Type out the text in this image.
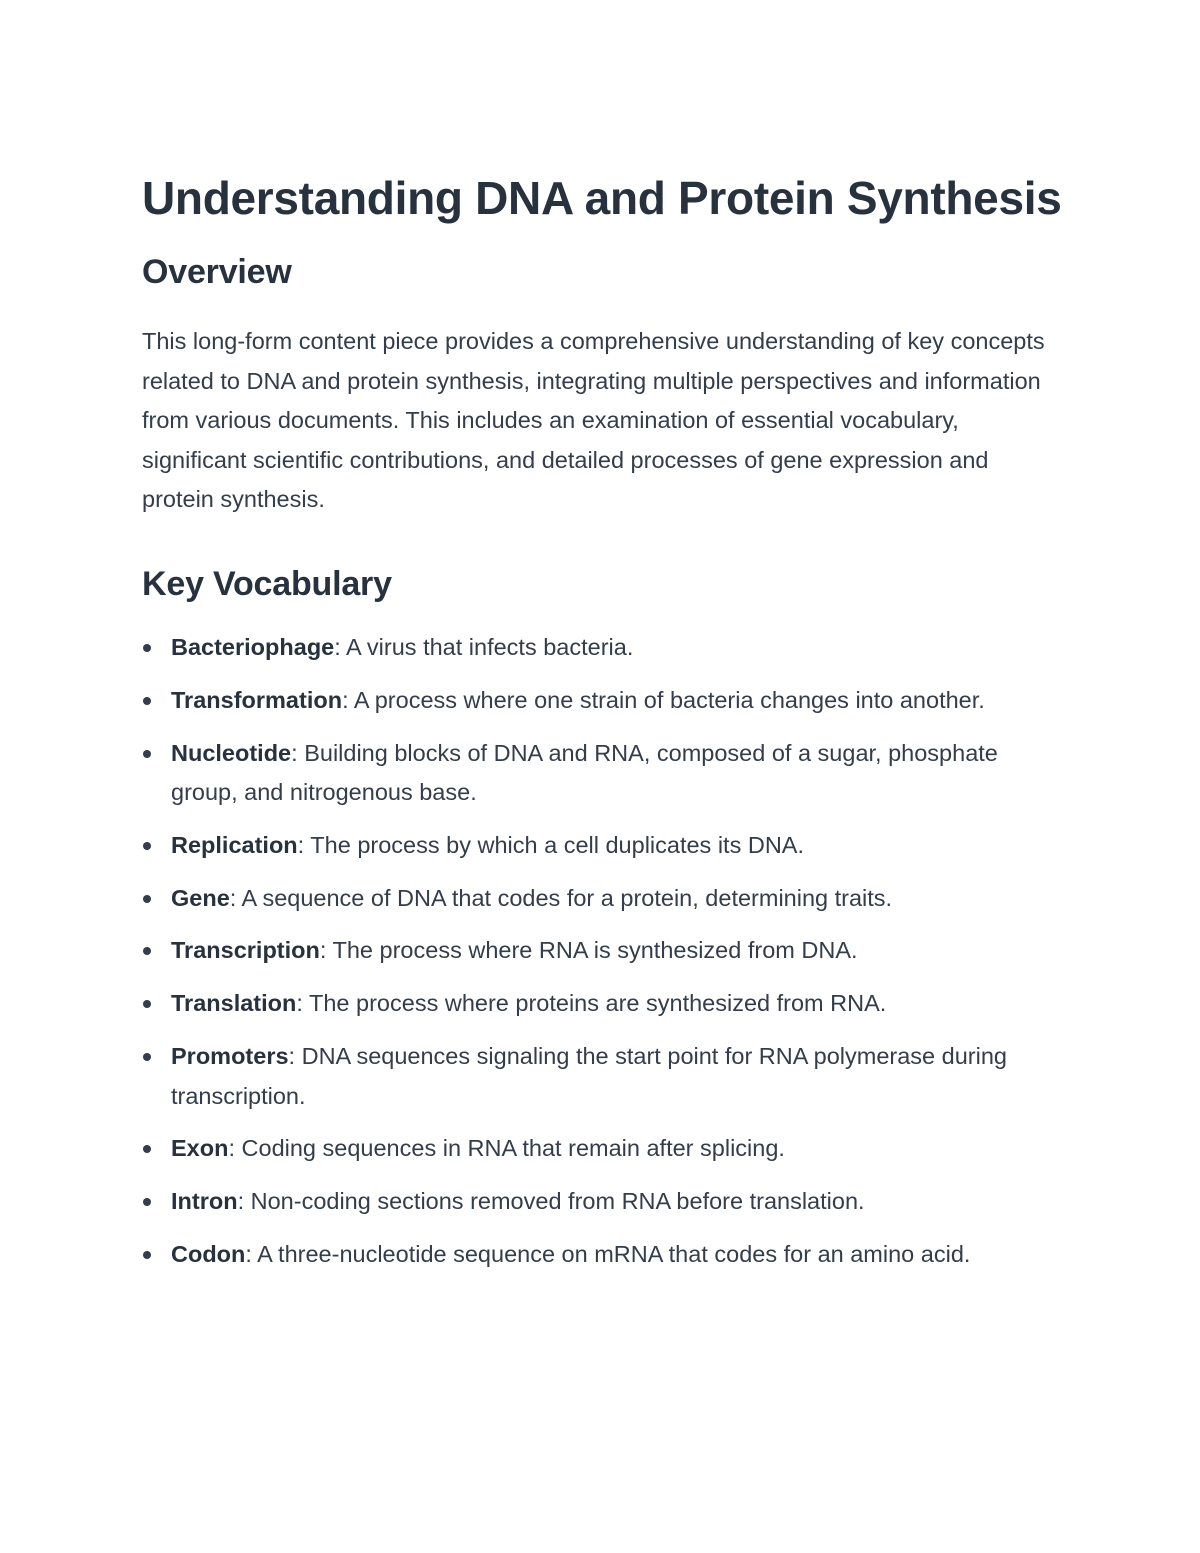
Understanding DNA and Protein Synthesis
Overview

This long-form content piece provides a comprehensive understanding of key concepts related to DNA and protein synthesis, integrating multiple perspectives and information from various documents. This includes an examination of essential vocabulary, significant scientific contributions, and detailed processes of gene expression and protein synthesis.

Key Vocabulary
Bacteriophage: A virus that infects bacteria.
Transformation: A process where one strain of bacteria changes into another.
Nucleotide: Building blocks of DNA and RNA, composed of a sugar, phosphate group, and nitrogenous base.
Replication: The process by which a cell duplicates its DNA.
Gene: A sequence of DNA that codes for a protein, determining traits.
Transcription: The process where RNA is synthesized from DNA.
Translation: The process where proteins are synthesized from RNA.
Promoters: DNA sequences signaling the start point for RNA polymerase during transcription.
Exon: Coding sequences in RNA that remain after splicing.
Intron: Non-coding sections removed from RNA before translation.
Codon: A three-nucleotide sequence on mRNA that codes for an amino acid.
